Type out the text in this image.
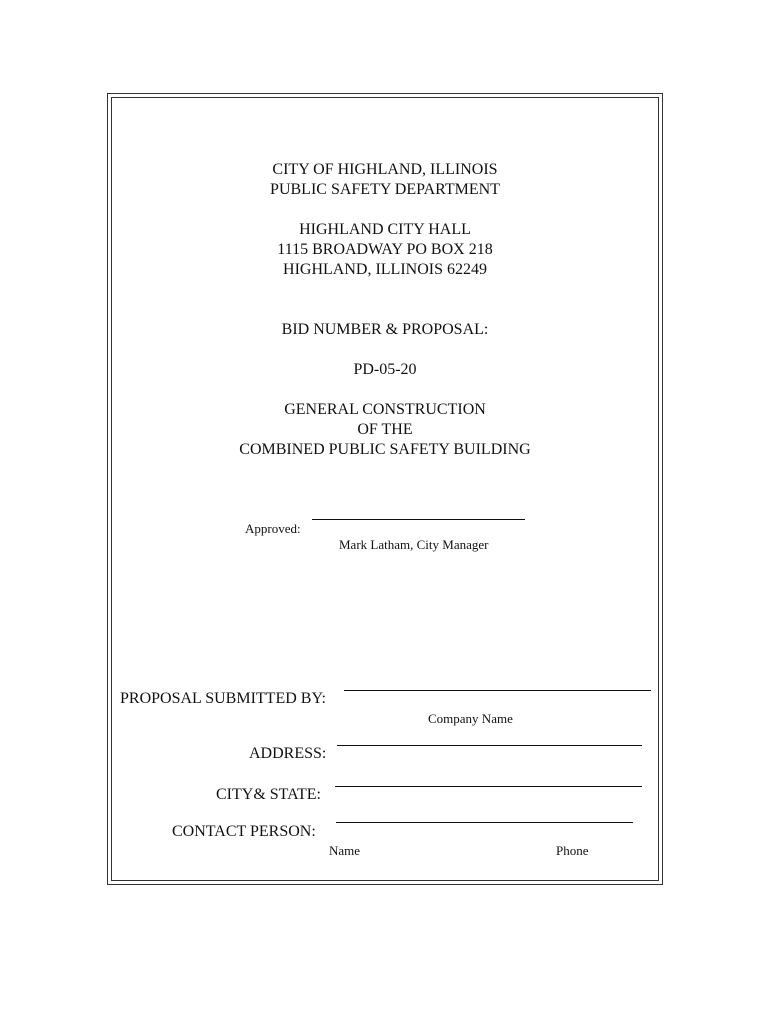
CITY OF HIGHLAND, ILLINOIS
PUBLIC SAFETY DEPARTMENT
HIGHLAND CITY HALL
1115 BROADWAY PO BOX 218
HIGHLAND, ILLINOIS 62249
BID NUMBER & PROPOSAL:
PD-05-20
GENERAL CONSTRUCTION
OF THE
COMBINED PUBLIC SAFETY BUILDING
Approved:
Mark Latham, City Manager
PROPOSAL SUBMITTED BY:
Company Name
ADDRESS:
CITY& STATE:
CONTACT PERSON:
Name	Phone
